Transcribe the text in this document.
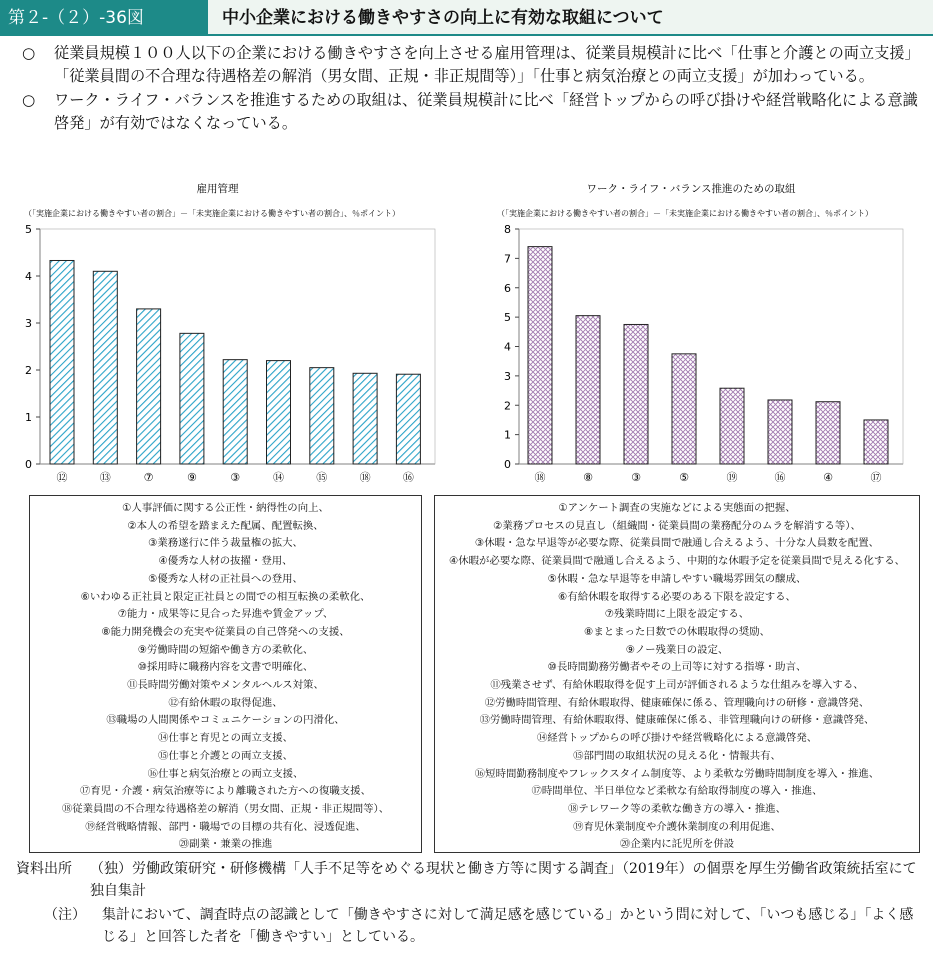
第２-（２）-36図	中小企業における働きやすさの向上に有効な取組について
○ 従業員規模１００人以下の企業における働きやすさを向上させる雇用管理は、従業員規模計に比べ「仕事と介護との両立支援」「従業員間の不合理な待遇格差の解消（男女間、正規・非正規間等）」「仕事と病気治療との両立支援」が加わっている。
○ ワーク・ライフ・バランスを推進するための取組は、従業員規模計に比べ「経営トップからの呼び掛けや経営戦略化による意識啓発」が有効ではなくなっている。
雇用管理
（「実施企業における働きやすい者の割合」－「未実施企業における働きやすい者の割合」、％ポイント）
0
1
2
3
4
5
⑫	⑬	⑦	⑨	③	⑭	⑮	⑱	⑯
ワーク・ライフ・バランス推進のための取組
（「実施企業における働きやすい者の割合」－「未実施企業における働きやすい者の割合」、％ポイント）
0
1
2
3
4
5
6
7
8
⑱	⑧	③	⑤	⑲	⑯	④	⑰
①人事評価に関する公正性・納得性の向上、
②本人の希望を踏まえた配属、配置転換、
③業務遂行に伴う裁量権の拡大、
④優秀な人材の抜擢・登用、
⑤優秀な人材の正社員への登用、
⑥いわゆる正社員と限定正社員との間での相互転換の柔軟化、
⑦能力・成果等に見合った昇進や賃金アップ、
⑧能力開発機会の充実や従業員の自己啓発への支援、
⑨労働時間の短縮や働き方の柔軟化、
⑩採用時に職務内容を文書で明確化、
⑪長時間労働対策やメンタルヘルス対策、
⑫有給休暇の取得促進、
⑬職場の人間関係やコミュニケーションの円滑化、
⑭仕事と育児との両立支援、
⑮仕事と介護との両立支援、
⑯仕事と病気治療との両立支援、
⑰育児・介護・病気治療等により離職された方への復職支援、
⑱従業員間の不合理な待遇格差の解消（男女間、正規・非正規間等）、
⑲経営戦略情報、部門・職場での目標の共有化、浸透促進、
⑳副業・兼業の推進
①アンケート調査の実施などによる実態面の把握、
②業務プロセスの見直し（組織間・従業員間の業務配分のムラを解消する等）、
③休暇・急な早退等が必要な際、従業員間で融通し合えるよう、十分な人員数を配置、
④休暇が必要な際、従業員間で融通し合えるよう、中期的な休暇予定を従業員間で見える化する、
⑤休暇・急な早退等を申請しやすい職場雰囲気の醸成、
⑥有給休暇を取得する必要のある下限を設定する、
⑦残業時間に上限を設定する、
⑧まとまった日数での休暇取得の奨励、
⑨ノー残業日の設定、
⑩長時間勤務労働者やその上司等に対する指導・助言、
⑪残業させず、有給休暇取得を促す上司が評価されるような仕組みを導入する、
⑫労働時間管理、有給休暇取得、健康確保に係る、管理職向けの研修・意識啓発、
⑬労働時間管理、有給休暇取得、健康確保に係る、非管理職向けの研修・意識啓発、
⑭経営トップからの呼び掛けや経営戦略化による意識啓発、
⑮部門間の取組状況の見える化・情報共有、
⑯短時間勤務制度やフレックスタイム制度等、より柔軟な労働時間制度を導入・推進、
⑰時間単位、半日単位など柔軟な有給取得制度の導入・推進、
⑱テレワーク等の柔軟な働き方の導入・推進、
⑲育児休業制度や介護休業制度の利用促進、
⑳企業内に託児所を併設
資料出所 （独）労働政策研究・研修機構「人手不足等をめぐる現状と働き方等に関する調査」（2019年）の個票を厚生労働省政策統括室にて独自集計
（注） 集計において、調査時点の認識として「働きやすさに対して満足感を感じている」かという問に対して、「いつも感じる」「よく感じる」と回答した者を「働きやすい」としている。
